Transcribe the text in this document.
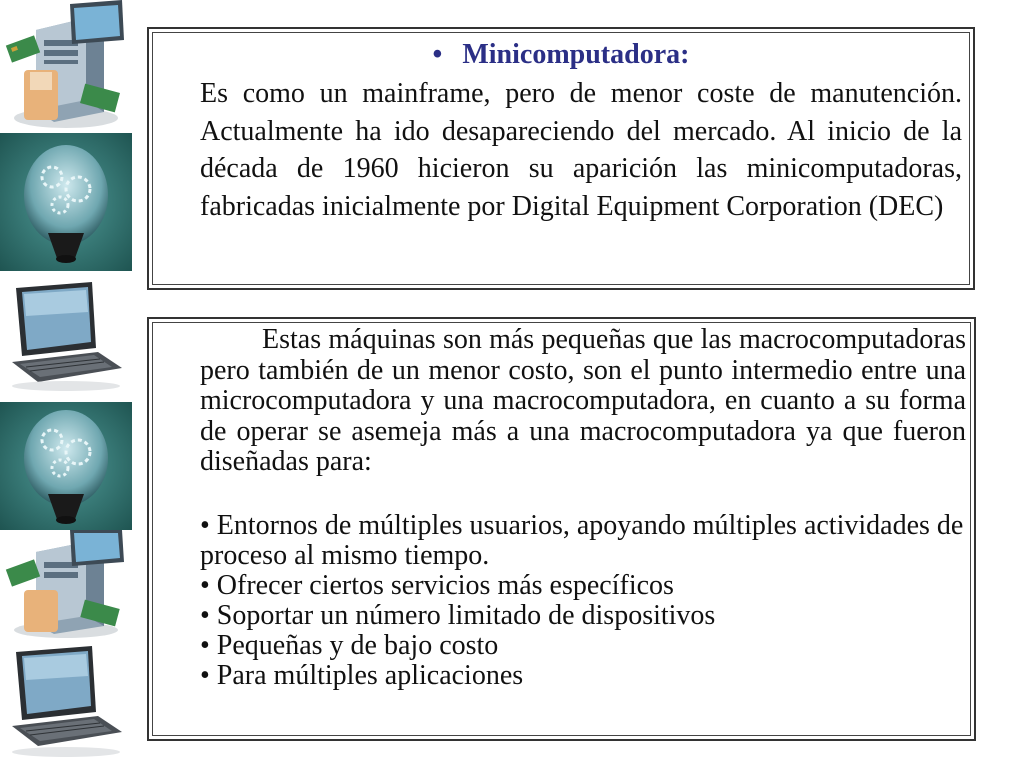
• Minicomputadora:
Es como un mainframe, pero de menor coste de manutención. Actualmente ha ido desapareciendo del mercado. Al inicio de la década de 1960 hicieron su aparición las minicomputadoras, fabricadas inicialmente por Digital Equipment Corporation (DEC)
Estas máquinas son más pequeñas que las macrocomputadoras pero también de un menor costo, son el punto intermedio entre una microcomputadora y una macrocomputadora, en cuanto a su forma de operar se asemeja más a una macrocomputadora ya que fueron diseñadas para:
• Entornos de múltiples usuarios, apoyando múltiples actividades de proceso al mismo tiempo.
• Ofrecer ciertos servicios más específicos
• Soportar un número limitado de dispositivos
• Pequeñas y de bajo costo
• Para múltiples aplicaciones
